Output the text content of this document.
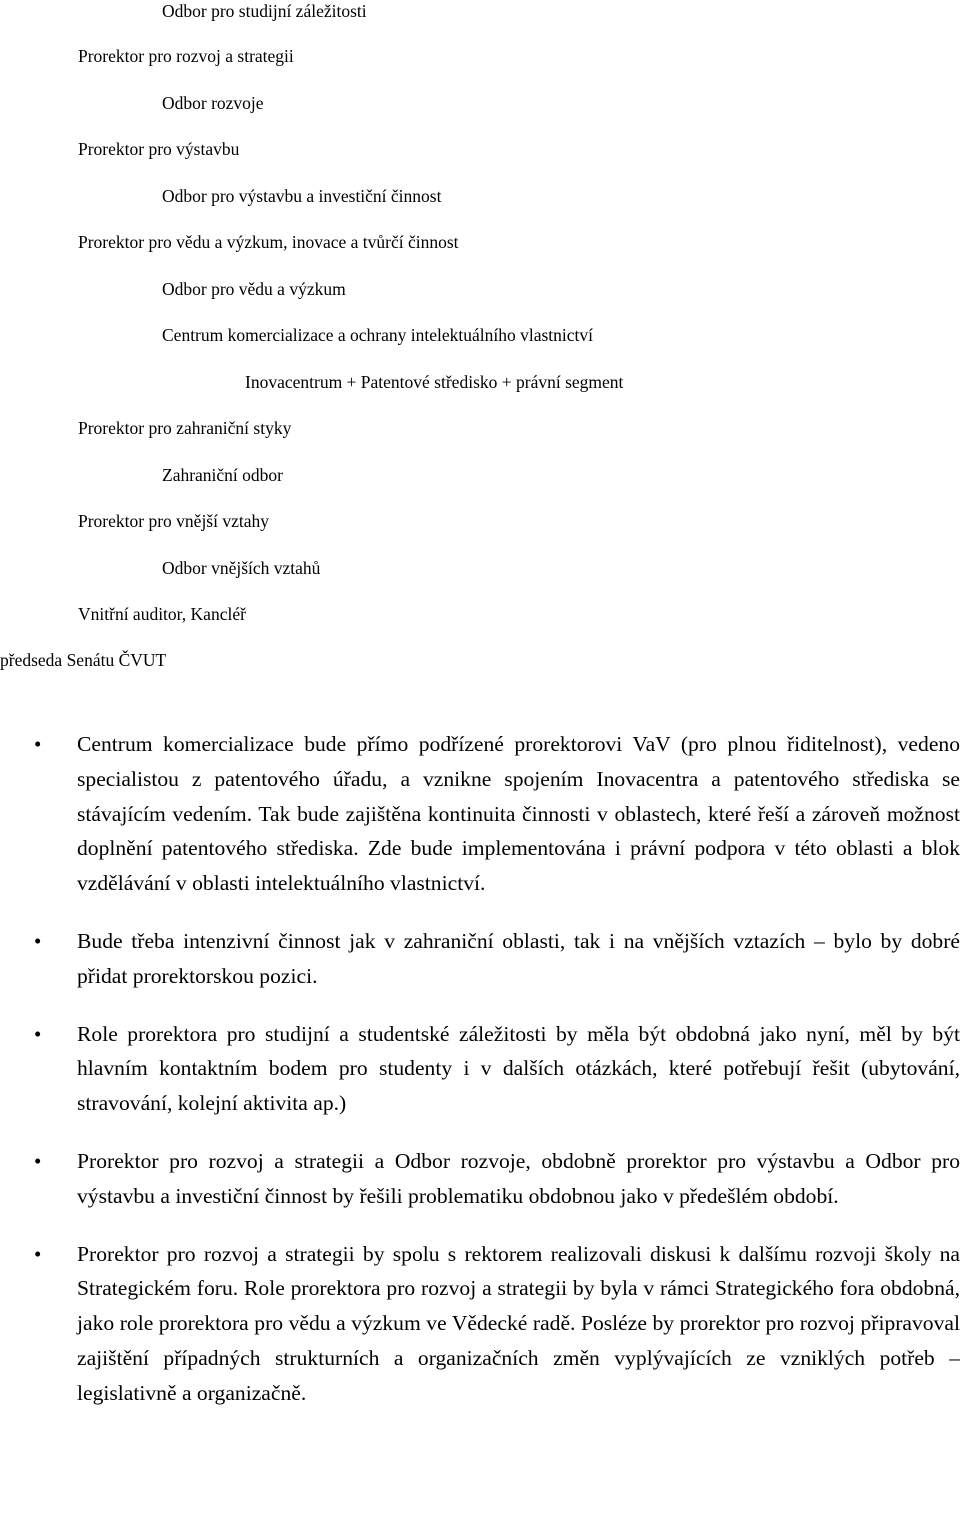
Odbor pro studijní záležitosti
Prorektor pro rozvoj a strategii
Odbor rozvoje
Prorektor pro výstavbu
Odbor pro výstavbu a investiční činnost
Prorektor pro vědu a výzkum, inovace a tvůrčí činnost
Odbor pro vědu a výzkum
Centrum komercializace a ochrany intelektuálního vlastnictví
Inovacentrum + Patentové středisko + právní segment
Prorektor pro zahraniční styky
Zahraniční odbor
Prorektor pro vnější vztahy
Odbor vnějších vztahů
Vnitřní auditor, Kancléř
předseda Senátu ČVUT
• Centrum komercializace bude přímo podřízené prorektorovi VaV (pro plnou řiditelnost), vedeno specialistou z patentového úřadu, a vznikne spojením Inovacentra a patentového střediska se stávajícím vedením. Tak bude zajištěna kontinuita činnosti v oblastech, které řeší a zároveň možnost doplnění patentového střediska. Zde bude implementována i právní podpora v této oblasti a blok vzdělávání v oblasti intelektuálního vlastnictví.
• Bude třeba intenzivní činnost jak v zahraniční oblasti, tak i na vnějších vztazích – bylo by dobré přidat prorektorskou pozici.
• Role prorektora pro studijní a studentské záležitosti by měla být obdobná jako nyní, měl by být hlavním kontaktním bodem pro studenty i v dalších otázkách, které potřebují řešit (ubytování, stravování, kolejní aktivita ap.)
• Prorektor pro rozvoj a strategii a Odbor rozvoje, obdobně prorektor pro výstavbu a Odbor pro výstavbu a investiční činnost by řešili problematiku obdobnou jako v předešlém období.
• Prorektor pro rozvoj a strategii by spolu s rektorem realizovali diskusi k dalšímu rozvoji školy na Strategickém foru. Role prorektora pro rozvoj a strategii by byla v rámci Strategického fora obdobná, jako role prorektora pro vědu a výzkum ve Vědecké radě. Posléze by prorektor pro rozvoj připravoval zajištění případných strukturních a organizačních změn vyplývajících ze vzniklých potřeb – legislativně a organizačně.
